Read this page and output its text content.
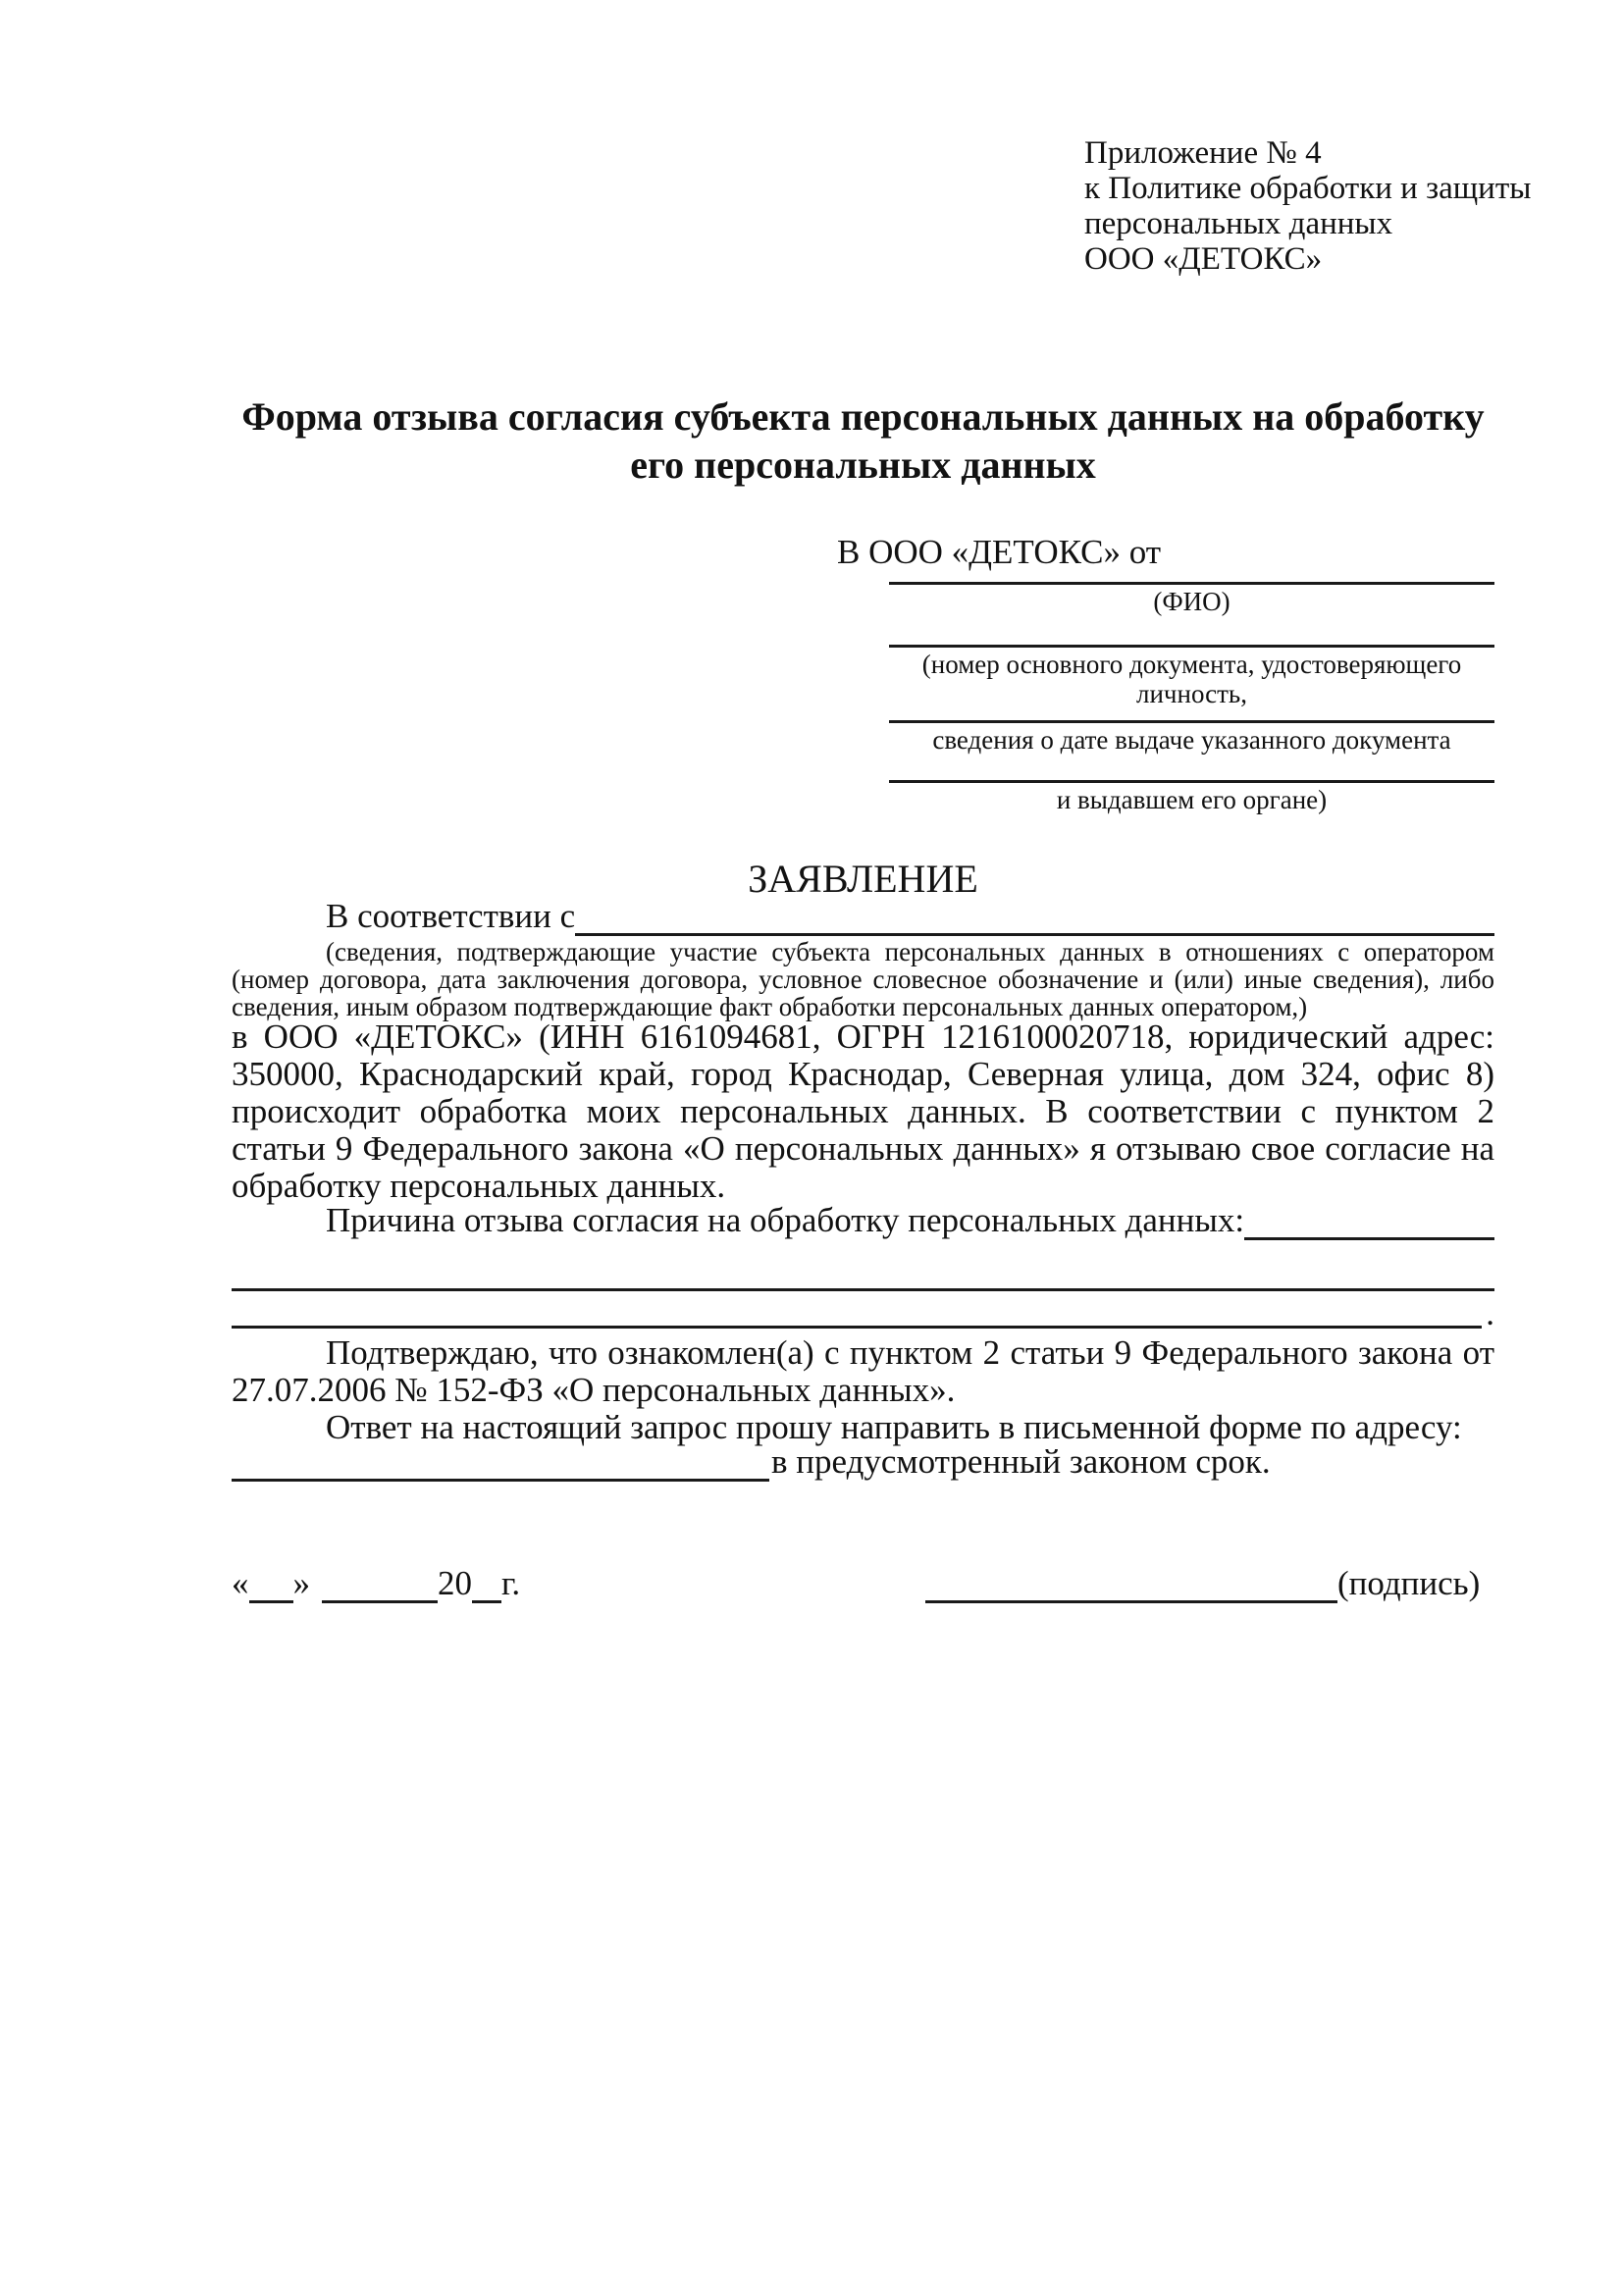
Приложение № 4
к Политике обработки и защиты
персональных данных
ООО «ДЕТОКС»
Форма отзыва согласия субъекта персональных данных на обработку его персональных данных
В ООО «ДЕТОКС» от
(ФИО)
(номер основного документа, удостоверяющего личность,
сведения о дате выдаче указанного документа
и выдавшем его органе)
ЗАЯВЛЕНИЕ
В соответствии с
(сведения, подтверждающие участие субъекта персональных данных в отношениях с оператором (номер договора, дата заключения договора, условное словесное обозначение и (или) иные сведения), либо сведения, иным образом подтверждающие факт обработки персональных данных оператором,)
в ООО «ДЕТОКС» (ИНН 6161094681, ОГРН 1216100020718, юридический адрес: 350000, Краснодарский край, город Краснодар, Северная улица, дом 324, офис 8) происходит обработка моих персональных данных. В соответствии с пунктом 2 статьи 9 Федерального закона «О персональных данных» я отзываю свое согласие на обработку персональных данных.
Причина отзыва согласия на обработку персональных данных:
.
Подтверждаю, что ознакомлен(а) с пунктом 2 статьи 9 Федерального закона от 27.07.2006 № 152-ФЗ «О персональных данных».
Ответ на настоящий запрос прошу направить в письменной форме по адресу:
в предусмотренный законом срок.
« »	20 г.	(подпись)
